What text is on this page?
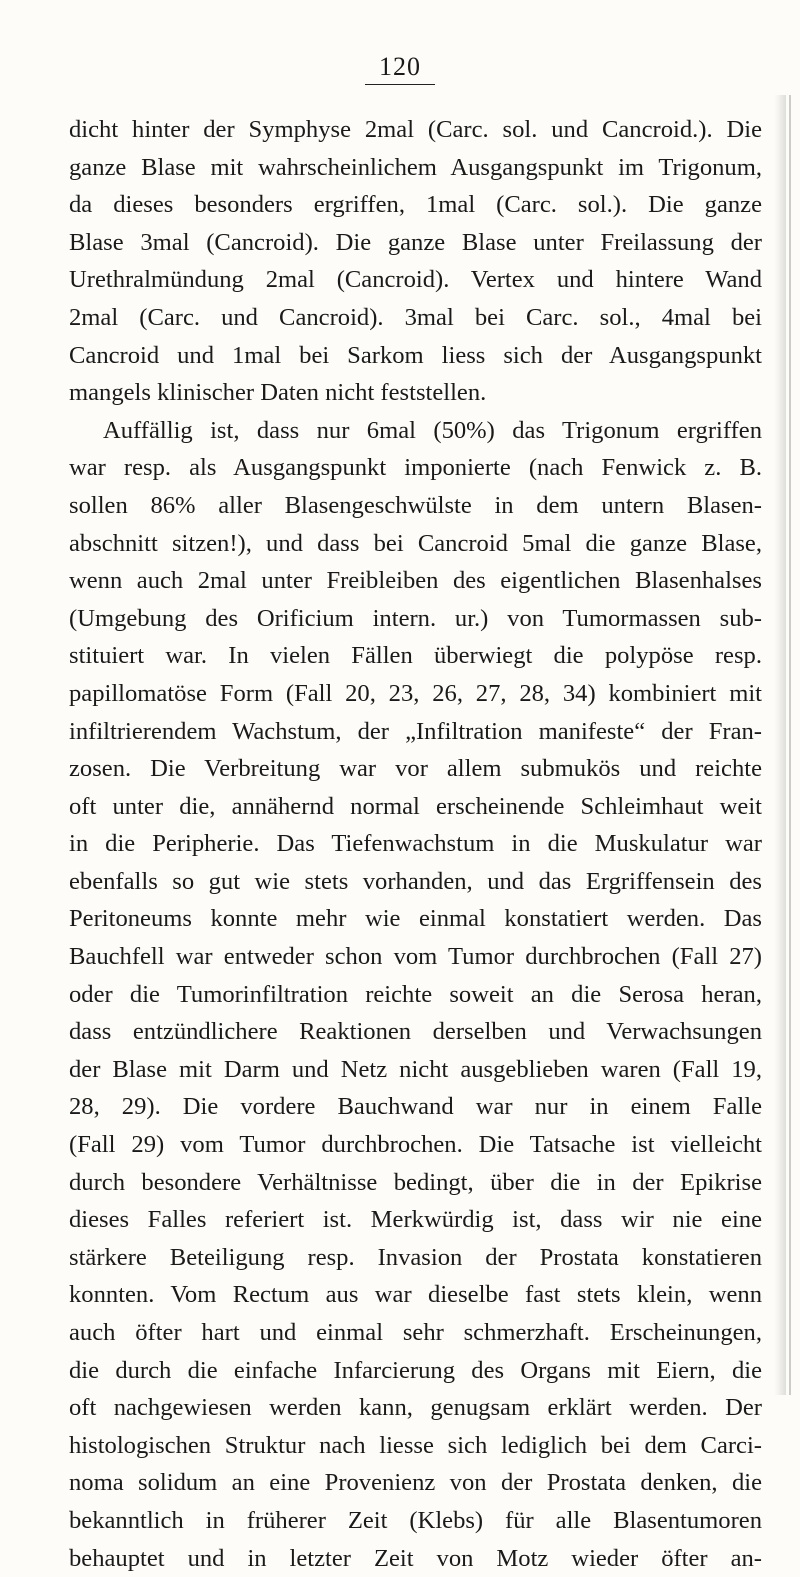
120
dicht hinter der Symphyse 2mal (Carc. sol. und Cancroid.). Die
ganze Blase mit wahrscheinlichem Ausgangspunkt im Trigonum,
da dieses besonders ergriffen, 1mal (Carc. sol.). Die ganze
Blase 3mal (Cancroid). Die ganze Blase unter Freilassung der
Urethralmündung 2mal (Cancroid). Vertex und hintere Wand
2mal (Carc. und Cancroid). 3mal bei Carc. sol., 4mal bei
Cancroid und 1mal bei Sarkom liess sich der Ausgangspunkt
mangels klinischer Daten nicht feststellen.
Auffällig ist, dass nur 6mal (50%) das Trigonum ergriffen
war resp. als Ausgangspunkt imponierte (nach Fenwick z. B.
sollen 86% aller Blasengeschwülste in dem untern Blasen-
abschnitt sitzen!), und dass bei Cancroid 5mal die ganze Blase,
wenn auch 2mal unter Freibleiben des eigentlichen Blasenhalses
(Umgebung des Orificium intern. ur.) von Tumormassen sub-
stituiert war. In vielen Fällen überwiegt die polypöse resp.
papillomatöse Form (Fall 20, 23, 26, 27, 28, 34) kombiniert mit
infiltrierendem Wachstum, der „Infiltration manifeste“ der Fran-
zosen. Die Verbreitung war vor allem submukös und reichte
oft unter die, annähernd normal erscheinende Schleimhaut weit
in die Peripherie. Das Tiefenwachstum in die Muskulatur war
ebenfalls so gut wie stets vorhanden, und das Ergriffensein des
Peritoneums konnte mehr wie einmal konstatiert werden. Das
Bauchfell war entweder schon vom Tumor durchbrochen (Fall 27)
oder die Tumorinfiltration reichte soweit an die Serosa heran,
dass entzündlichere Reaktionen derselben und Verwachsungen
der Blase mit Darm und Netz nicht ausgeblieben waren (Fall 19,
28, 29). Die vordere Bauchwand war nur in einem Falle
(Fall 29) vom Tumor durchbrochen. Die Tatsache ist vielleicht
durch besondere Verhältnisse bedingt, über die in der Epikrise
dieses Falles referiert ist. Merkwürdig ist, dass wir nie eine
stärkere Beteiligung resp. Invasion der Prostata konstatieren
konnten. Vom Rectum aus war dieselbe fast stets klein, wenn
auch öfter hart und einmal sehr schmerzhaft. Erscheinungen,
die durch die einfache Infarcierung des Organs mit Eiern, die
oft nachgewiesen werden kann, genugsam erklärt werden. Der
histologischen Struktur nach liesse sich lediglich bei dem Carci-
noma solidum an eine Provenienz von der Prostata denken, die
bekanntlich in früherer Zeit (Klebs) für alle Blasentumoren
behauptet und in letzter Zeit von Motz wieder öfter an-
